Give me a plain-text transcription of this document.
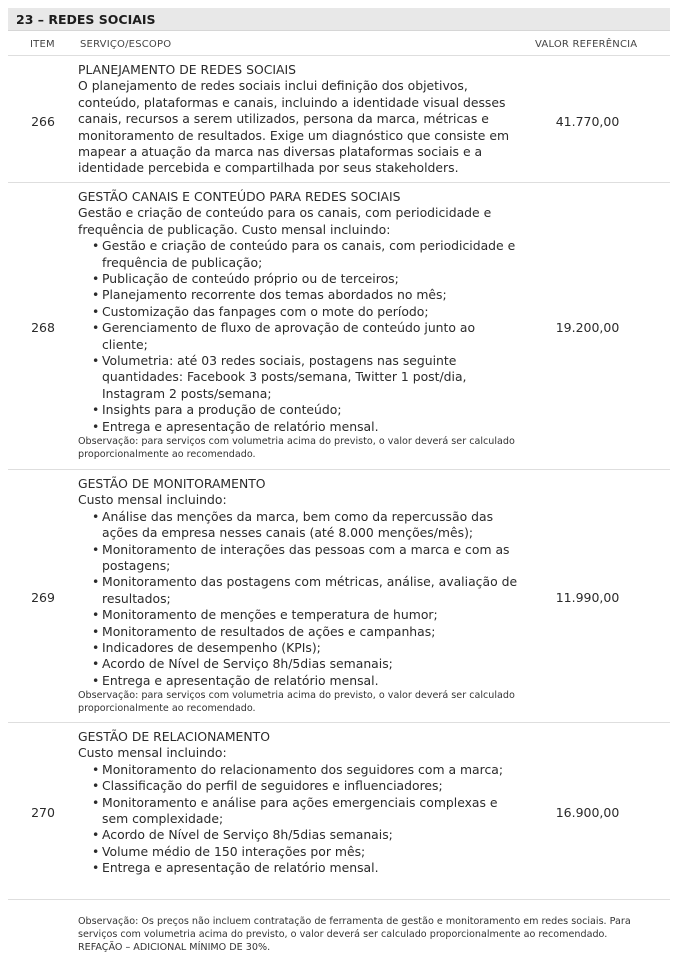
23 – REDES SOCIAIS
ITEM	SERVIÇO/ESCOPO	VALOR REFERÊNCIA
266
PLANEJAMENTO DE REDES SOCIAIS

O planejamento de redes sociais inclui definição dos objetivos, conteúdo, plataformas e canais, incluindo a identidade visual desses canais, recursos a serem utilizados, persona da marca, métricas e monitoramento de resultados. Exige um diagnóstico que consiste em mapear a atuação da marca nas diversas plataformas sociais e a identidade percebida e compartilhada por seus stakeholders.

41.770,00
268
GESTÃO CANAIS E CONTEÚDO PARA REDES SOCIAIS

Gestão e criação de conteúdo para os canais, com periodicidade e frequência de publicação. Custo mensal incluindo:

• Gestão e criação de conteúdo para os canais, com periodicidade e frequência de publicação;
• Publicação de conteúdo próprio ou de terceiros;
• Planejamento recorrente dos temas abordados no mês;
• Customização das fanpages com o mote do período;
• Gerenciamento de fluxo de aprovação de conteúdo junto ao cliente;
• Volumetria: até 03 redes sociais, postagens nas seguinte quantidades: Facebook 3 posts/semana, Twitter 1 post/dia, Instagram 2 posts/semana;
• Insights para a produção de conteúdo;
• Entrega e apresentação de relatório mensal.

Observação: para serviços com volumetria acima do previsto, o valor deverá ser calculado proporcionalmente ao recomendado.

19.200,00
269
GESTÃO DE MONITORAMENTO

Custo mensal incluindo:

• Análise das menções da marca, bem como da repercussão das ações da empresa nesses canais (até 8.000 menções/mês);
• Monitoramento de interações das pessoas com a marca e com as postagens;
• Monitoramento das postagens com métricas, análise, avaliação de resultados;
• Monitoramento de menções e temperatura de humor;
• Monitoramento de resultados de ações e campanhas;
• Indicadores de desempenho (KPIs);
• Acordo de Nível de Serviço 8h/5dias semanais;
• Entrega e apresentação de relatório mensal.

Observação: para serviços com volumetria acima do previsto, o valor deverá ser calculado proporcionalmente ao recomendado.

11.990,00
270
GESTÃO DE RELACIONAMENTO

Custo mensal incluindo:

• Monitoramento do relacionamento dos seguidores com a marca;
• Classificação do perfil de seguidores e influenciadores;
• Monitoramento e análise para ações emergenciais complexas e sem complexidade;
• Acordo de Nível de Serviço 8h/5dias semanais;
• Volume médio de 150 interações por mês;
• Entrega e apresentação de relatório mensal.
16.900,00

Observação: Os preços não incluem contratação de ferramenta de gestão e monitoramento em redes sociais. Para serviços com volumetria acima do previsto, o valor deverá ser calculado proporcionalmente ao recomendado. REFAÇÃO – ADICIONAL MÍNIMO DE 30%.
